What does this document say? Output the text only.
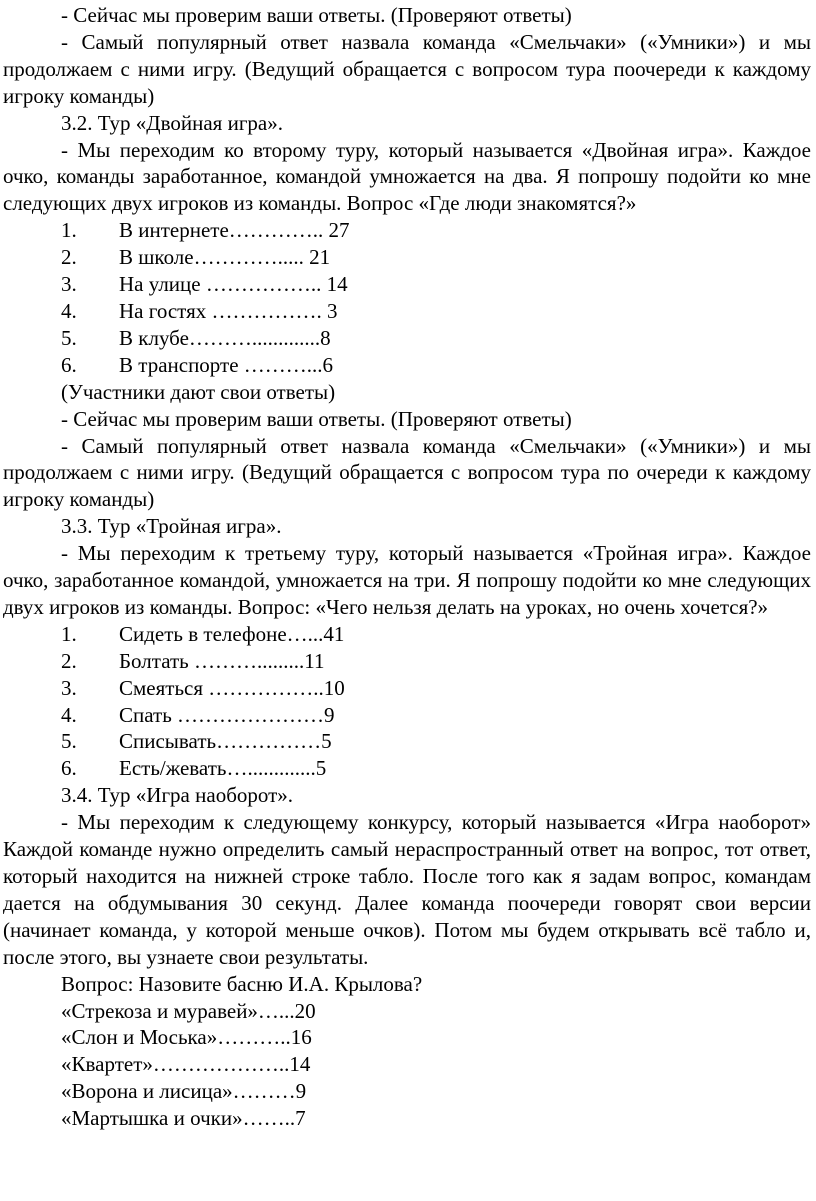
- Сейчас мы проверим ваши ответы. (Проверяют ответы)

- Самый популярный ответ назвала команда «Смельчаки» («Умники») и мы продолжаем с ними игру. (Ведущий обращается с вопросом тура поочереди к каждому игроку команды)

3.2. Тур «Двойная игра».

- Мы переходим ко второму туру, который называется «Двойная игра». Каждое очко, команды заработанное, командой умножается на два. Я попрошу подойти ко мне следующих двух игроков из команды. Вопрос «Где люди знакомятся?»

1.	В интернете………….. 27
2.	В школе…………..... 21
3.	На улице …………….. 14
4.	На гостях ……………. 3
5.	В клубе……….............8
6.	В транспорте ………...6

(Участники дают свои ответы)

- Сейчас мы проверим ваши ответы. (Проверяют ответы)

- Самый популярный ответ назвала команда «Смельчаки» («Умники») и мы продолжаем с ними игру. (Ведущий обращается с вопросом тура по очереди к каждому игроку команды)

3.3. Тур «Тройная игра».

- Мы переходим к третьему туру, который называется «Тройная игра». Каждое очко, заработанное командой, умножается на три. Я попрошу подойти ко мне следующих двух игроков из команды. Вопрос: «Чего нельзя делать на уроках, но очень хочется?»

1.	Сидеть в телефоне…...41
2.	Болтать ……….........11
3.	Смеяться ……………..10
4.	Спать …………………9
5.	Списывать……………5
6.	Есть/жевать….............5

3.4. Тур «Игра наоборот».

- Мы переходим к следующему конкурсу, который называется «Игра наоборот» Каждой команде нужно определить самый нераспространный ответ на вопрос, тот ответ, который находится на нижней строке табло. После того как я задам вопрос, командам дается на обдумывания 30 секунд. Далее команда поочереди говорят свои версии (начинает команда, у которой меньше очков). Потом мы будем открывать всё табло и, после этого, вы узнаете свои результаты.

Вопрос: Назовите басню И.А. Крылова?

«Стрекоза и муравей»…...20

«Слон и Моська»………..16

«Квартет»………………..14

«Ворона и лисица»………9

«Мартышка и очки»……..7
